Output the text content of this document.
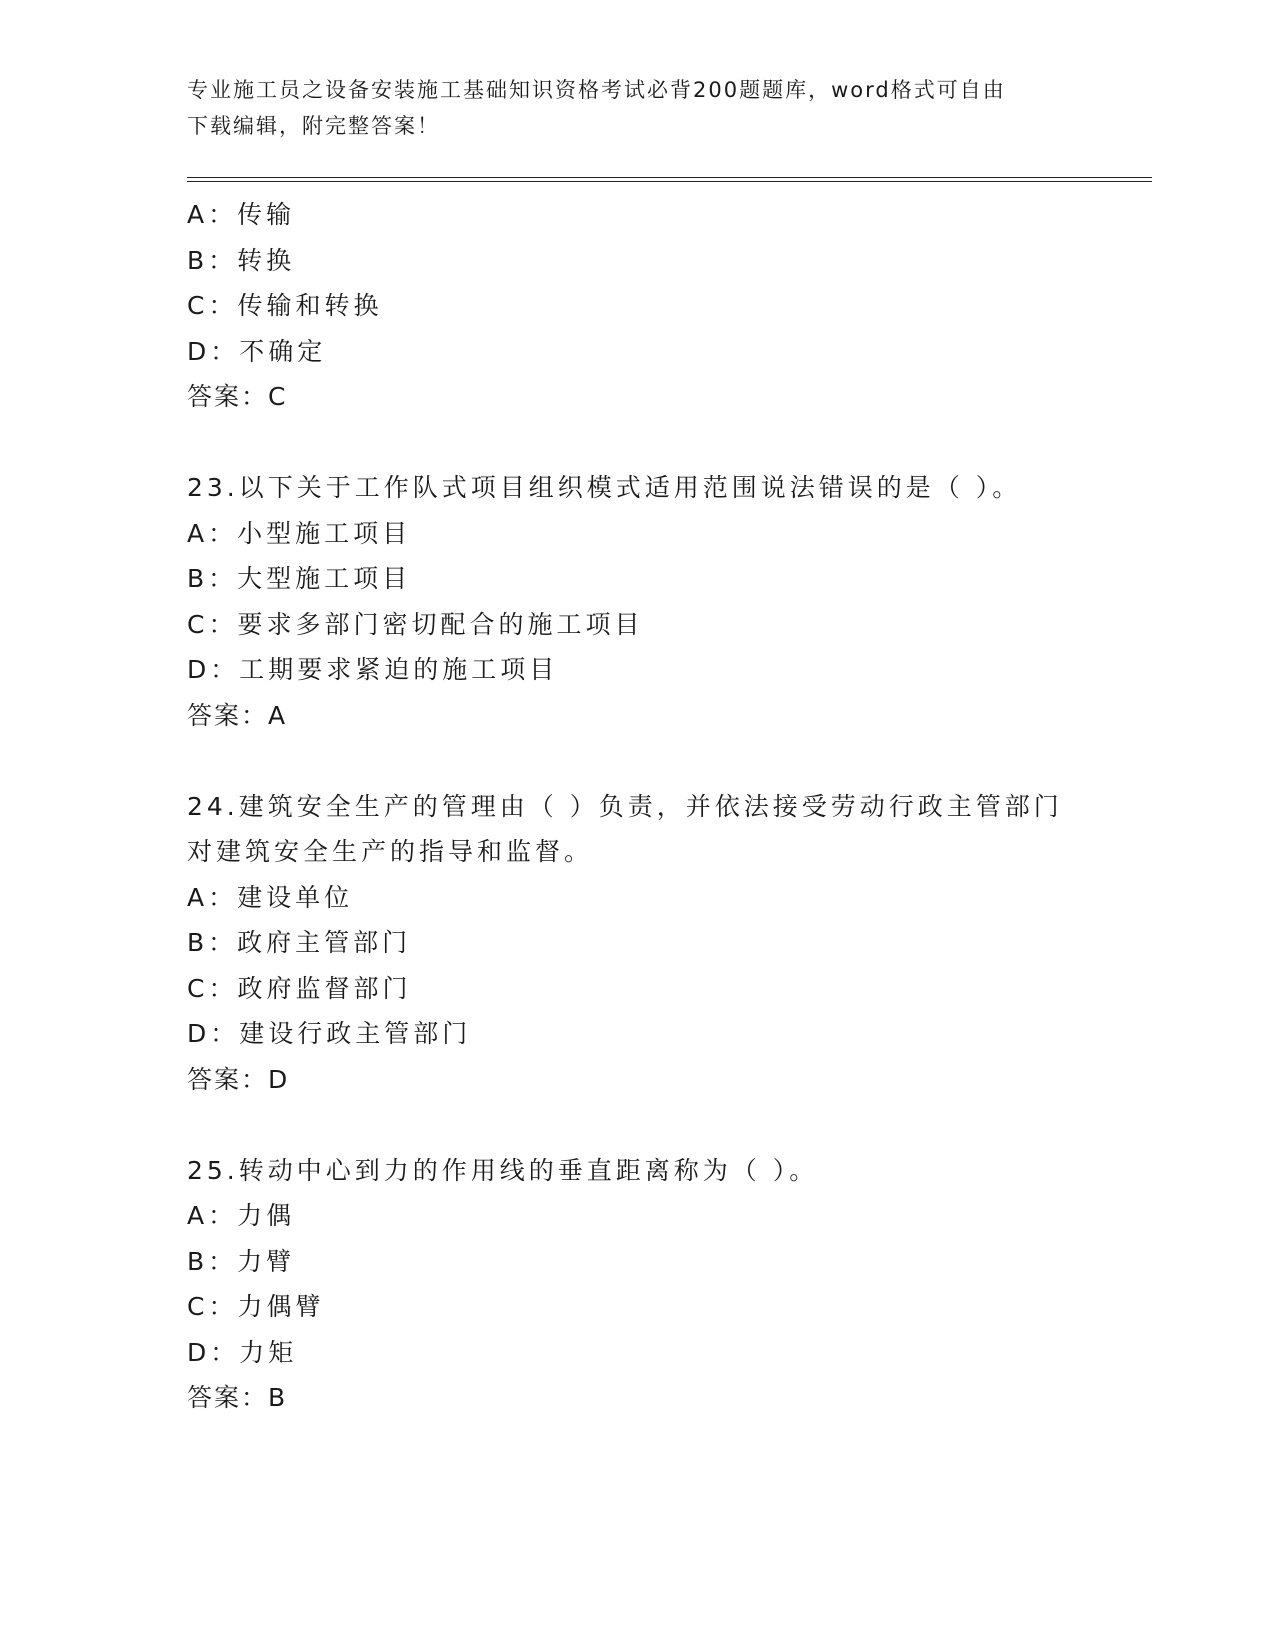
专业施工员之设备安装施工基础知识资格考试必背200题题库，word格式可自由
下载编辑，附完整答案！
A：传输
B：转换
C：传输和转换
D：不确定
答案：C
23.以下关于工作队式项目组织模式适用范围说法错误的是（ ）。
A：小型施工项目
B：大型施工项目
C：要求多部门密切配合的施工项目
D：工期要求紧迫的施工项目
答案：A
24.建筑安全生产的管理由（ ）负责，并依法接受劳动行政主管部门
对建筑安全生产的指导和监督。
A：建设单位
B：政府主管部门
C：政府监督部门
D：建设行政主管部门
答案：D
25.转动中心到力的作用线的垂直距离称为（ ）。
A：力偶
B：力臂
C：力偶臂
D：力矩
答案：B
